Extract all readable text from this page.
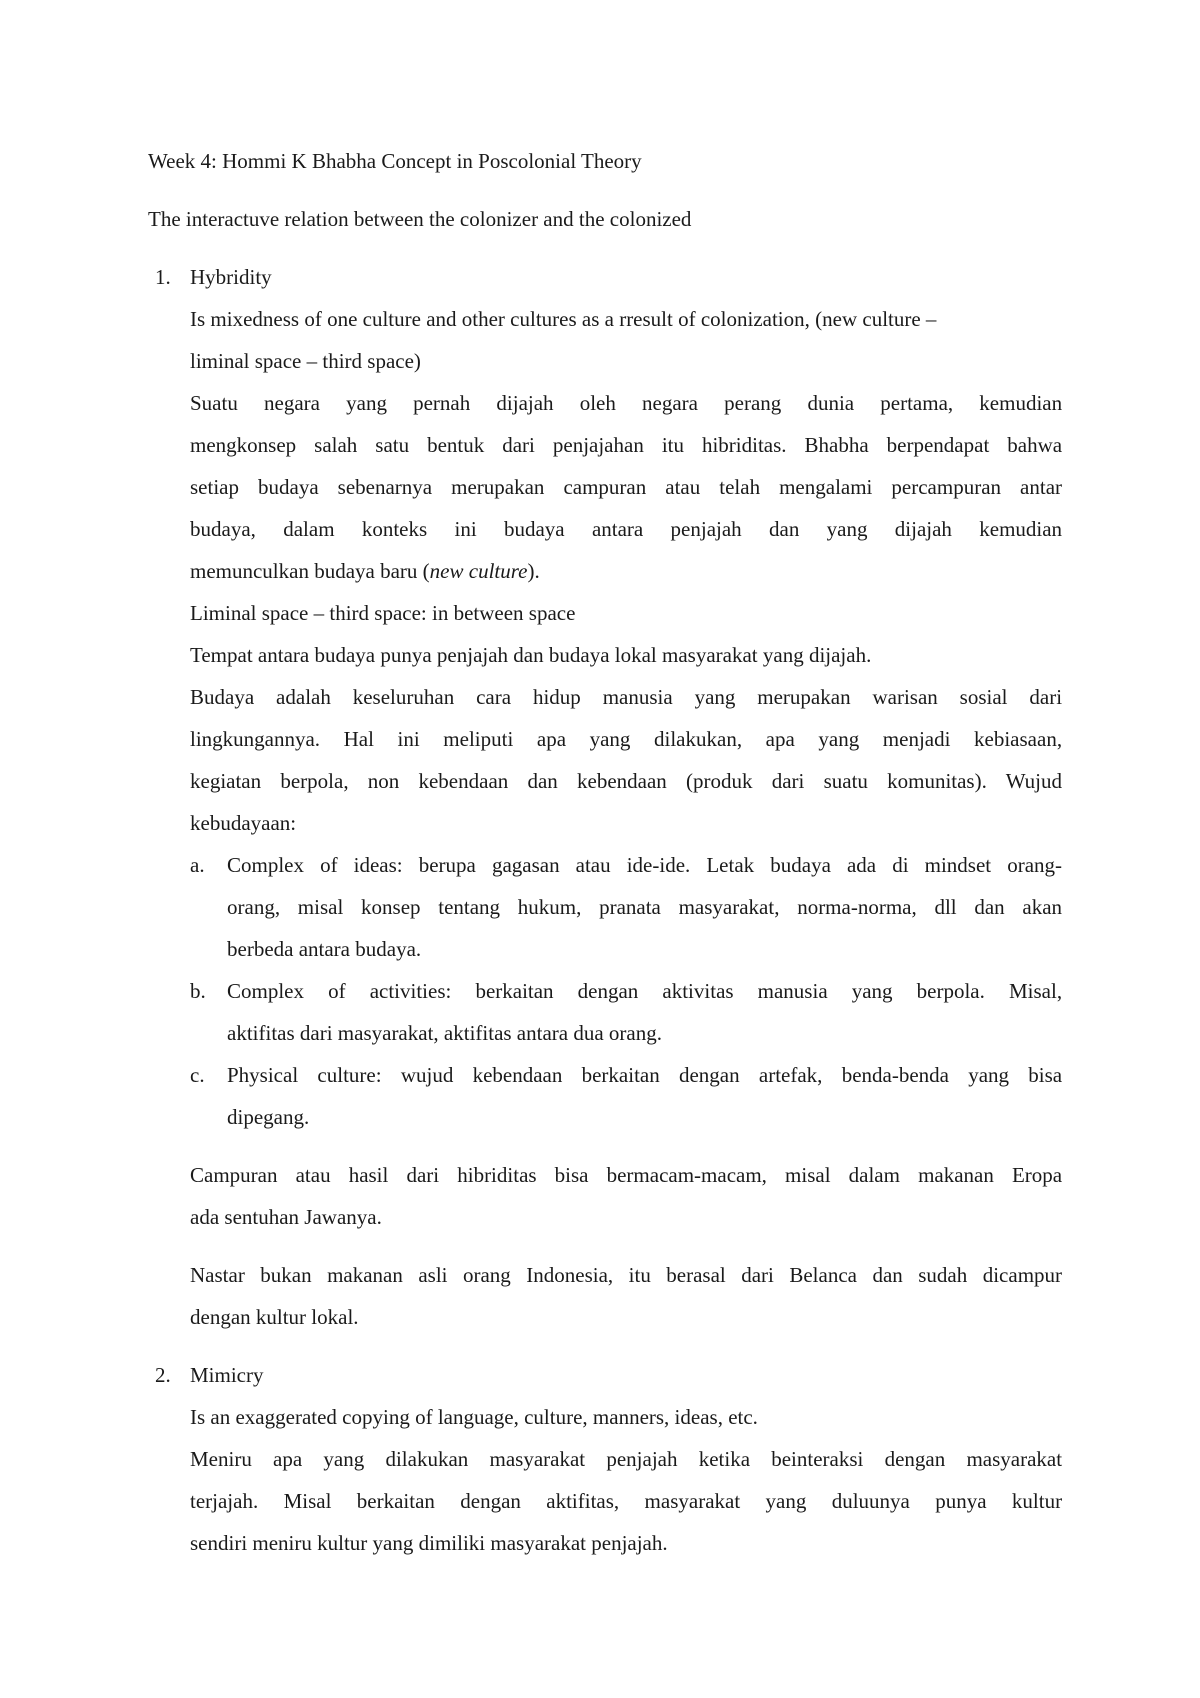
Week 4: Hommi K Bhabha Concept in Poscolonial Theory
The interactuve relation between the colonizer and the colonized
1. Hybridity
Is mixedness of one culture and other cultures as a rresult of colonization, (new culture –
liminal space – third space)
Suatu negara yang pernah dijajah oleh negara perang dunia pertama, kemudian
mengkonsep salah satu bentuk dari penjajahan itu hibriditas. Bhabha berpendapat bahwa
setiap budaya sebenarnya merupakan campuran atau telah mengalami percampuran antar
budaya, dalam konteks ini budaya antara penjajah dan yang dijajah kemudian
memunculkan budaya baru (new culture).
Liminal space – third space: in between space
Tempat antara budaya punya penjajah dan budaya lokal masyarakat yang dijajah.
Budaya adalah keseluruhan cara hidup manusia yang merupakan warisan sosial dari
lingkungannya. Hal ini meliputi apa yang dilakukan, apa yang menjadi kebiasaan,
kegiatan berpola, non kebendaan dan kebendaan (produk dari suatu komunitas). Wujud
kebudayaan:
a. Complex of ideas: berupa gagasan atau ide-ide. Letak budaya ada di mindset orang-
orang, misal konsep tentang hukum, pranata masyarakat, norma-norma, dll dan akan
berbeda antara budaya.
b. Complex of activities: berkaitan dengan aktivitas manusia yang berpola. Misal,
aktifitas dari masyarakat, aktifitas antara dua orang.
c. Physical culture: wujud kebendaan berkaitan dengan artefak, benda-benda yang bisa
dipegang.
Campuran atau hasil dari hibriditas bisa bermacam-macam, misal dalam makanan Eropa
ada sentuhan Jawanya.
Nastar bukan makanan asli orang Indonesia, itu berasal dari Belanca dan sudah dicampur
dengan kultur lokal.
2. Mimicry
Is an exaggerated copying of language, culture, manners, ideas, etc.
Meniru apa yang dilakukan masyarakat penjajah ketika beinteraksi dengan masyarakat
terjajah. Misal berkaitan dengan aktifitas, masyarakat yang duluunya punya kultur
sendiri meniru kultur yang dimiliki masyarakat penjajah.
